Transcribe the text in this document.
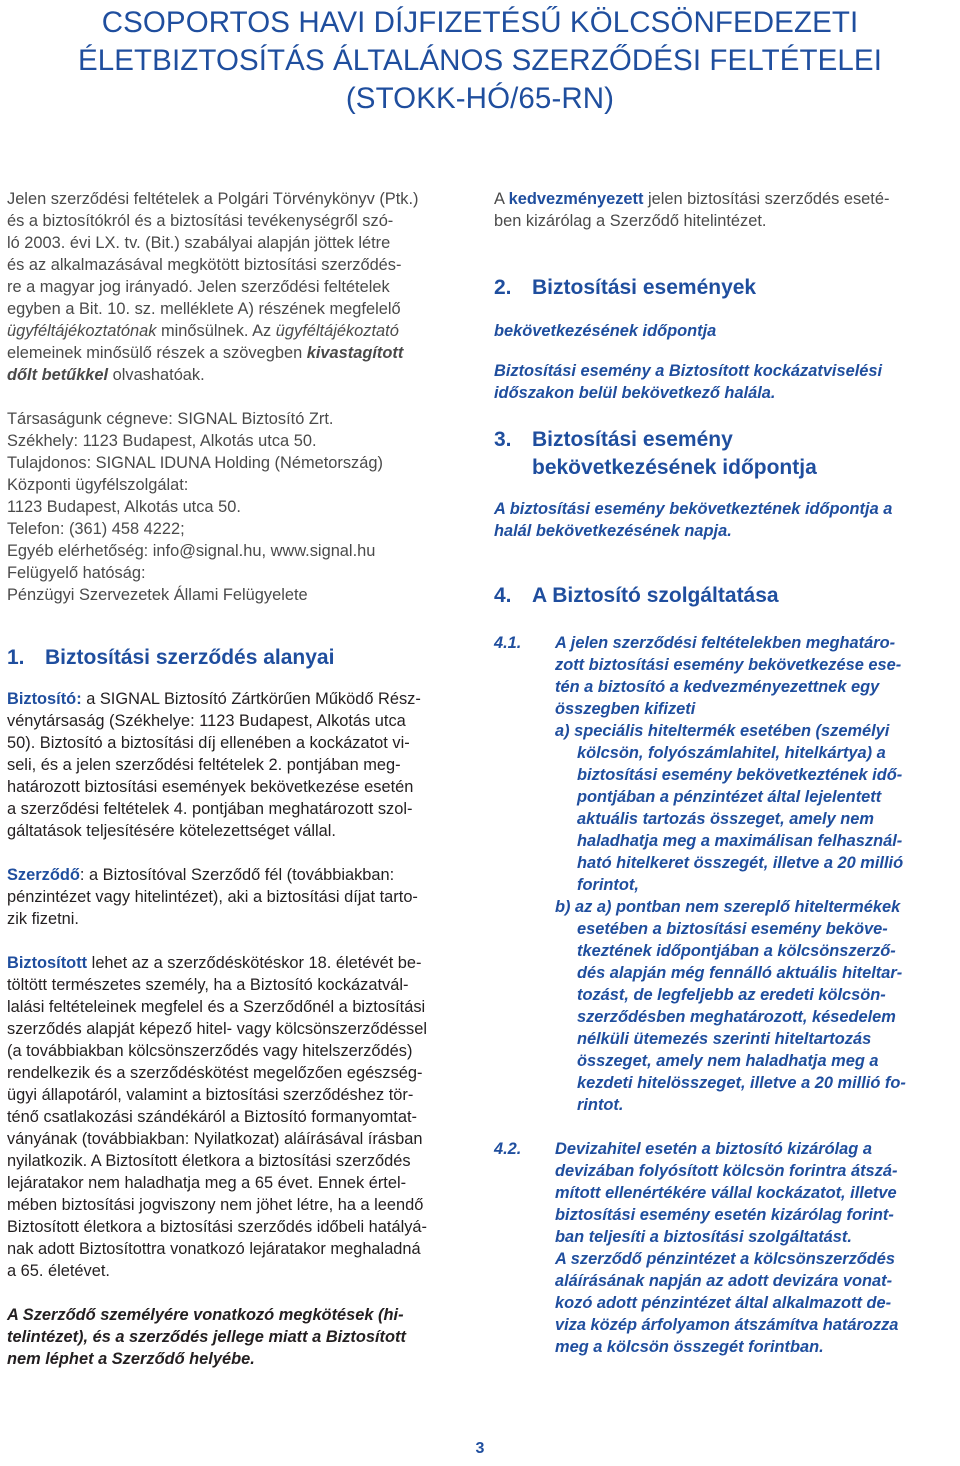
CSOPORTOS HAVI DÍJFIZETÉSŰ KÖLCSÖNFEDEZETI
ÉLETBIZTOSÍTÁS ÁLTALÁNOS SZERZŐDÉSI FELTÉTELEI
(STOKK-HÓ/65-RN)
Jelen szerződési feltételek a Polgári Törvénykönyv (Ptk.)
és a biztosítókról és a biztosítási tevékenységről szó-
ló 2003. évi LX. tv. (Bit.) szabályai alapján jöttek létre
és az alkalmazásával megkötött biztosítási szerződés-
re a magyar jog irányadó. Jelen szerződési feltételek
egyben a Bit. 10. sz. melléklete A) részének megfelelő
ügyféltájékoztatónak minősülnek. Az ügyféltájékoztató
elemeinek minősülő részek a szövegben kivastagított
dőlt betűkkel olvashatóak.
Társaságunk cégneve: SIGNAL Biztosító Zrt.
Székhely: 1123 Budapest, Alkotás utca 50.
Tulajdonos: SIGNAL IDUNA Holding (Németország)
Központi ügyfélszolgálat:
1123 Budapest, Alkotás utca 50.
Telefon: (361) 458 4222;
Egyéb elérhetőség: info@signal.hu, www.signal.hu
Felügyelő hatóság:
Pénzügyi Szervezetek Állami Felügyelete
1. Biztosítási szerződés alanyai
Biztosító: a SIGNAL Biztosító Zártkörűen Működő Rész-
vénytársaság (Székhelye: 1123 Budapest, Alkotás utca
50). Biztosító a biztosítási díj ellenében a kockázatot vi-
seli, és a jelen szerződési feltételek 2. pontjában meg-
határozott biztosítási események bekövetkezése esetén
a szerződési feltételek 4. pontjában meghatározott szol-
gáltatások teljesítésére kötelezettséget vállal.
Szerződő: a Biztosítóval Szerződő fél (továbbiakban:
pénzintézet vagy hitelintézet), aki a biztosítási díjat tarto-
zik fizetni.
Biztosított lehet az a szerződéskötéskor 18. életévét be-
töltött természetes személy, ha a Biztosító kockázatvál-
lalási feltételeinek megfelel és a Szerződőnél a biztosítási
szerződés alapját képező hitel- vagy kölcsönszerződéssel
(a továbbiakban kölcsönszerződés vagy hitelszerződés)
rendelkezik és a szerződéskötést megelőzően egészség-
ügyi állapotáról, valamint a biztosítási szerződéshez tör-
ténő csatlakozási szándékáról a Biztosító formanyomtat-
ványának (továbbiakban: Nyilatkozat) aláírásával írásban
nyilatkozik. A Biztosított életkora a biztosítási szerződés
lejáratakor nem haladhatja meg a 65 évet. Ennek értel-
mében biztosítási jogviszony nem jöhet létre, ha a leendő
Biztosított életkora a biztosítási szerződés időbeli hatályá-
nak adott Biztosítottra vonatkozó lejáratakor meghaladná
a 65. életévet.
A Szerződő személyére vonatkozó megkötések (hi-
telintézet), és a szerződés jellege miatt a Biztosított
nem léphet a Szerződő helyébe.
A kedvezményezett jelen biztosítási szerződés eseté-
ben kizárólag a Szerződő hitelintézet.
2. Biztosítási események
bekövetkezésének időpontja
Biztosítási esemény a Biztosított kockázatviselési
időszakon belül bekövetkező halála.
3. Biztosítási esemény
bekövetkezésének időpontja
A biztosítási esemény bekövetkeztének időpontja a
halál bekövetkezésének napja.
4. A Biztosító szolgáltatása
4.1. A jelen szerződési feltételekben meghatáro-
zott biztosítási esemény bekövetkezése ese-
tén a biztosító a kedvezményezettnek egy
összegben kifizeti
a) speciális hiteltermék esetében (személyi
kölcsön, folyószámlahitel, hitelkártya) a
biztosítási esemény bekövetkeztének idő-
pontjában a pénzintézet által lejelentett
aktuális tartozás összeget, amely nem
haladhatja meg a maximálisan felhasznál-
ható hitelkeret összegét, illetve a 20 millió
forintot,
b) az a) pontban nem szereplő hiteltermékek
esetében a biztosítási esemény beköve-
tkeztének időpontjában a kölcsönszerző-
dés alapján még fennálló aktuális hiteltar-
tozást, de legfeljebb az eredeti kölcsön-
szerződésben meghatározott, késedelem
nélküli ütemezés szerinti hiteltartozás
összeget, amely nem haladhatja meg a
kezdeti hitelösszeget, illetve a 20 millió fo-
rintot.
4.2. Devizahitel esetén a biztosító kizárólag a
devizában folyósított kölcsön forintra átszá-
mított ellenértékére vállal kockázatot, illetve
biztosítási esemény esetén kizárólag forint-
ban teljesíti a biztosítási szolgáltatást.
A szerződő pénzintézet a kölcsönszerződés
aláírásának napján az adott devizára vonat-
kozó adott pénzintézet által alkalmazott de-
viza közép árfolyamon átszámítva határozza
meg a kölcsön összegét forintban.
3
